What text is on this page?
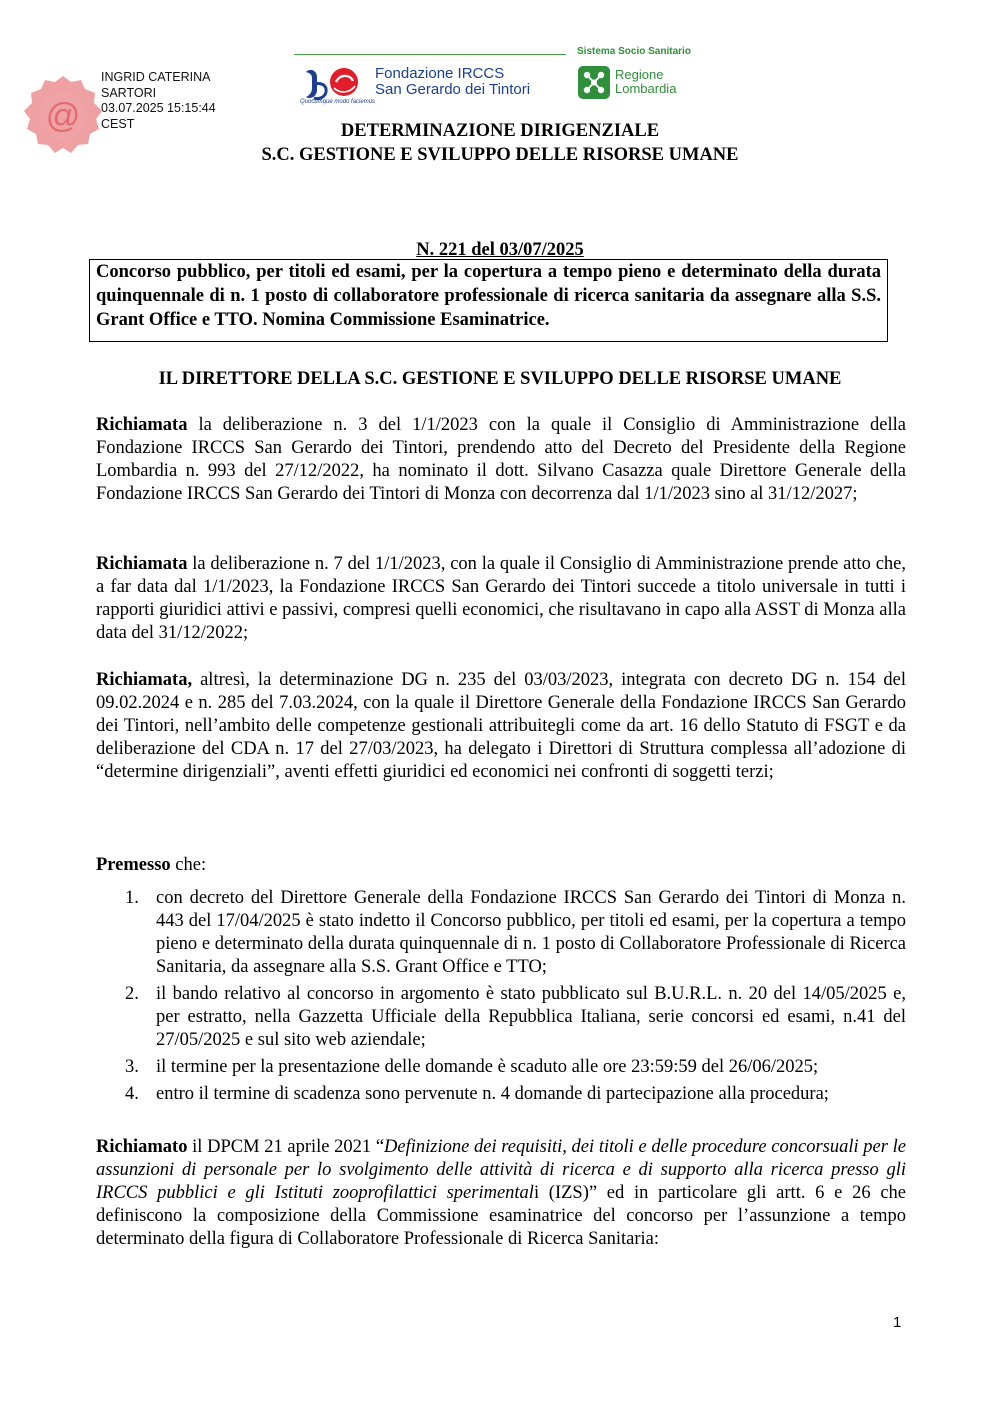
@
INGRID CATERINA
SARTORI
03.07.2025 15:15:44
CEST
Sistema Socio Sanitario
Quocumque modo faciemus
Fondazione IRCCS
San Gerardo dei Tintori
Regione
Lombardia
DETERMINAZIONE DIRIGENZIALE
S.C. GESTIONE E SVILUPPO DELLE RISORSE UMANE
N. 221 del 03/07/2025
Concorso pubblico, per titoli ed esami, per la copertura a tempo pieno e determinato della durata quinquennale di n. 1 posto di collaboratore professionale di ricerca sanitaria da assegnare alla S.S. Grant Office e TTO. Nomina Commissione Esaminatrice.
IL DIRETTORE DELLA S.C. GESTIONE E SVILUPPO DELLE RISORSE UMANE
Richiamata la deliberazione n. 3 del 1/1/2023 con la quale il Consiglio di Amministrazione della Fondazione IRCCS San Gerardo dei Tintori, prendendo atto del Decreto del Presidente della Regione Lombardia n. 993 del 27/12/2022, ha nominato il dott. Silvano Casazza quale Direttore Generale della Fondazione IRCCS San Gerardo dei Tintori di Monza con decorrenza dal 1/1/2023 sino al 31/12/2027;
Richiamata la deliberazione n. 7 del 1/1/2023, con la quale il Consiglio di Amministrazione prende atto che, a far data dal 1/1/2023, la Fondazione IRCCS San Gerardo dei Tintori succede a titolo universale in tutti i rapporti giuridici attivi e passivi, compresi quelli economici, che risultavano in capo alla ASST di Monza alla data del 31/12/2022;
Richiamata, altresì, la determinazione DG n. 235 del 03/03/2023, integrata con decreto DG n. 154 del 09.02.2024 e n. 285 del 7.03.2024, con la quale il Direttore Generale della Fondazione IRCCS San Gerardo dei Tintori, nell’ambito delle competenze gestionali attribuitegli come da art. 16 dello Statuto di FSGT e da deliberazione del CDA n. 17 del 27/03/2023, ha delegato i Direttori di Struttura complessa all’adozione di “determine dirigenziali”, aventi effetti giuridici ed economici nei confronti di soggetti terzi;
Premesso che:
1. con decreto del Direttore Generale della Fondazione IRCCS San Gerardo dei Tintori di Monza n. 443 del 17/04/2025 è stato indetto il Concorso pubblico, per titoli ed esami, per la copertura a tempo pieno e determinato della durata quinquennale di n. 1 posto di Collaboratore Professionale di Ricerca Sanitaria, da assegnare alla S.S. Grant Office e TTO;
2. il bando relativo al concorso in argomento è stato pubblicato sul B.U.R.L. n. 20 del 14/05/2025 e, per estratto, nella Gazzetta Ufficiale della Repubblica Italiana, serie concorsi ed esami, n.41 del 27/05/2025 e sul sito web aziendale;
3. il termine per la presentazione delle domande è scaduto alle ore 23:59:59 del 26/06/2025;
4. entro il termine di scadenza sono pervenute n. 4 domande di partecipazione alla procedura;
Richiamato il DPCM 21 aprile 2021 “Definizione dei requisiti, dei titoli e delle procedure concorsuali per le assunzioni di personale per lo svolgimento delle attività di ricerca e di supporto alla ricerca presso gli IRCCS pubblici e gli Istituti zooprofilattici sperimentali (IZS)” ed in particolare gli artt. 6 e 26 che definiscono la composizione della Commissione esaminatrice del concorso per l’assunzione a tempo determinato della figura di Collaboratore Professionale di Ricerca Sanitaria:
1
